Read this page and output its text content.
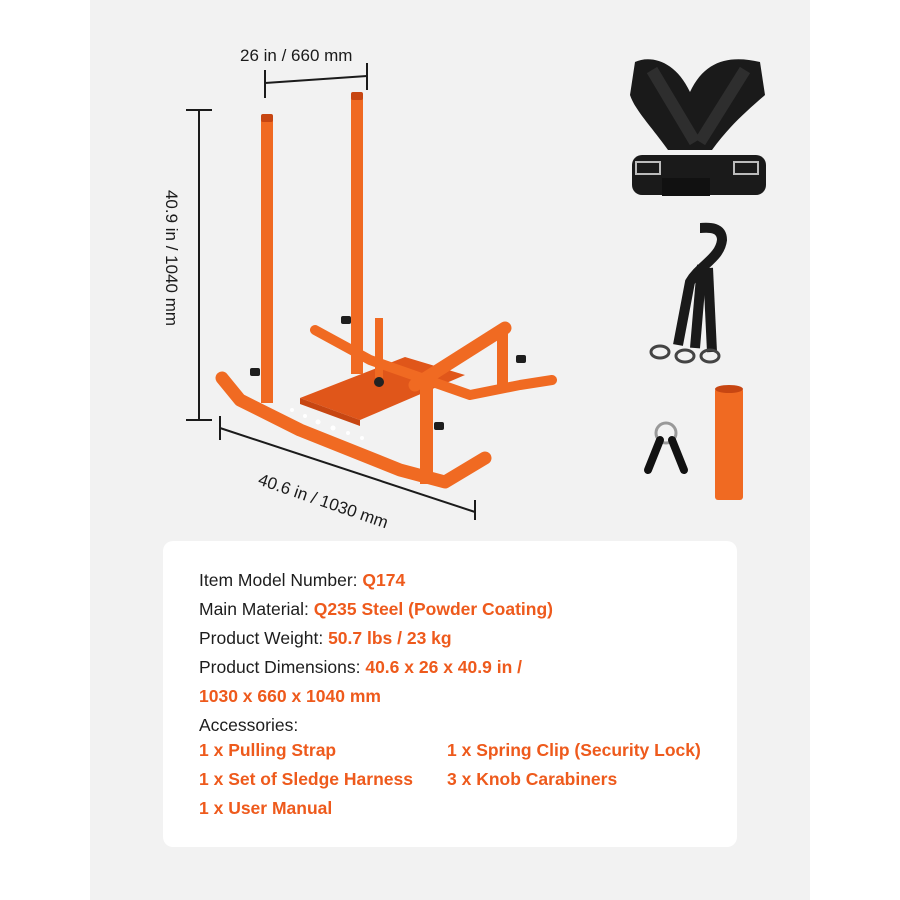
26 in / 660 mm
40.9 in / 1040 mm
40.6 in / 1030 mm
Item Model Number: Q174
Main Material: Q235 Steel (Powder Coating)
Product Weight: 50.7 lbs / 23 kg
Product Dimensions: 40.6 x 26 x 40.9 in /
1030 x 660 x 1040 mm
Accessories:
1 x Pulling Strap	1 x Spring Clip (Security Lock)
1 x Set of Sledge Harness	3 x Knob Carabiners
1 x User Manual
